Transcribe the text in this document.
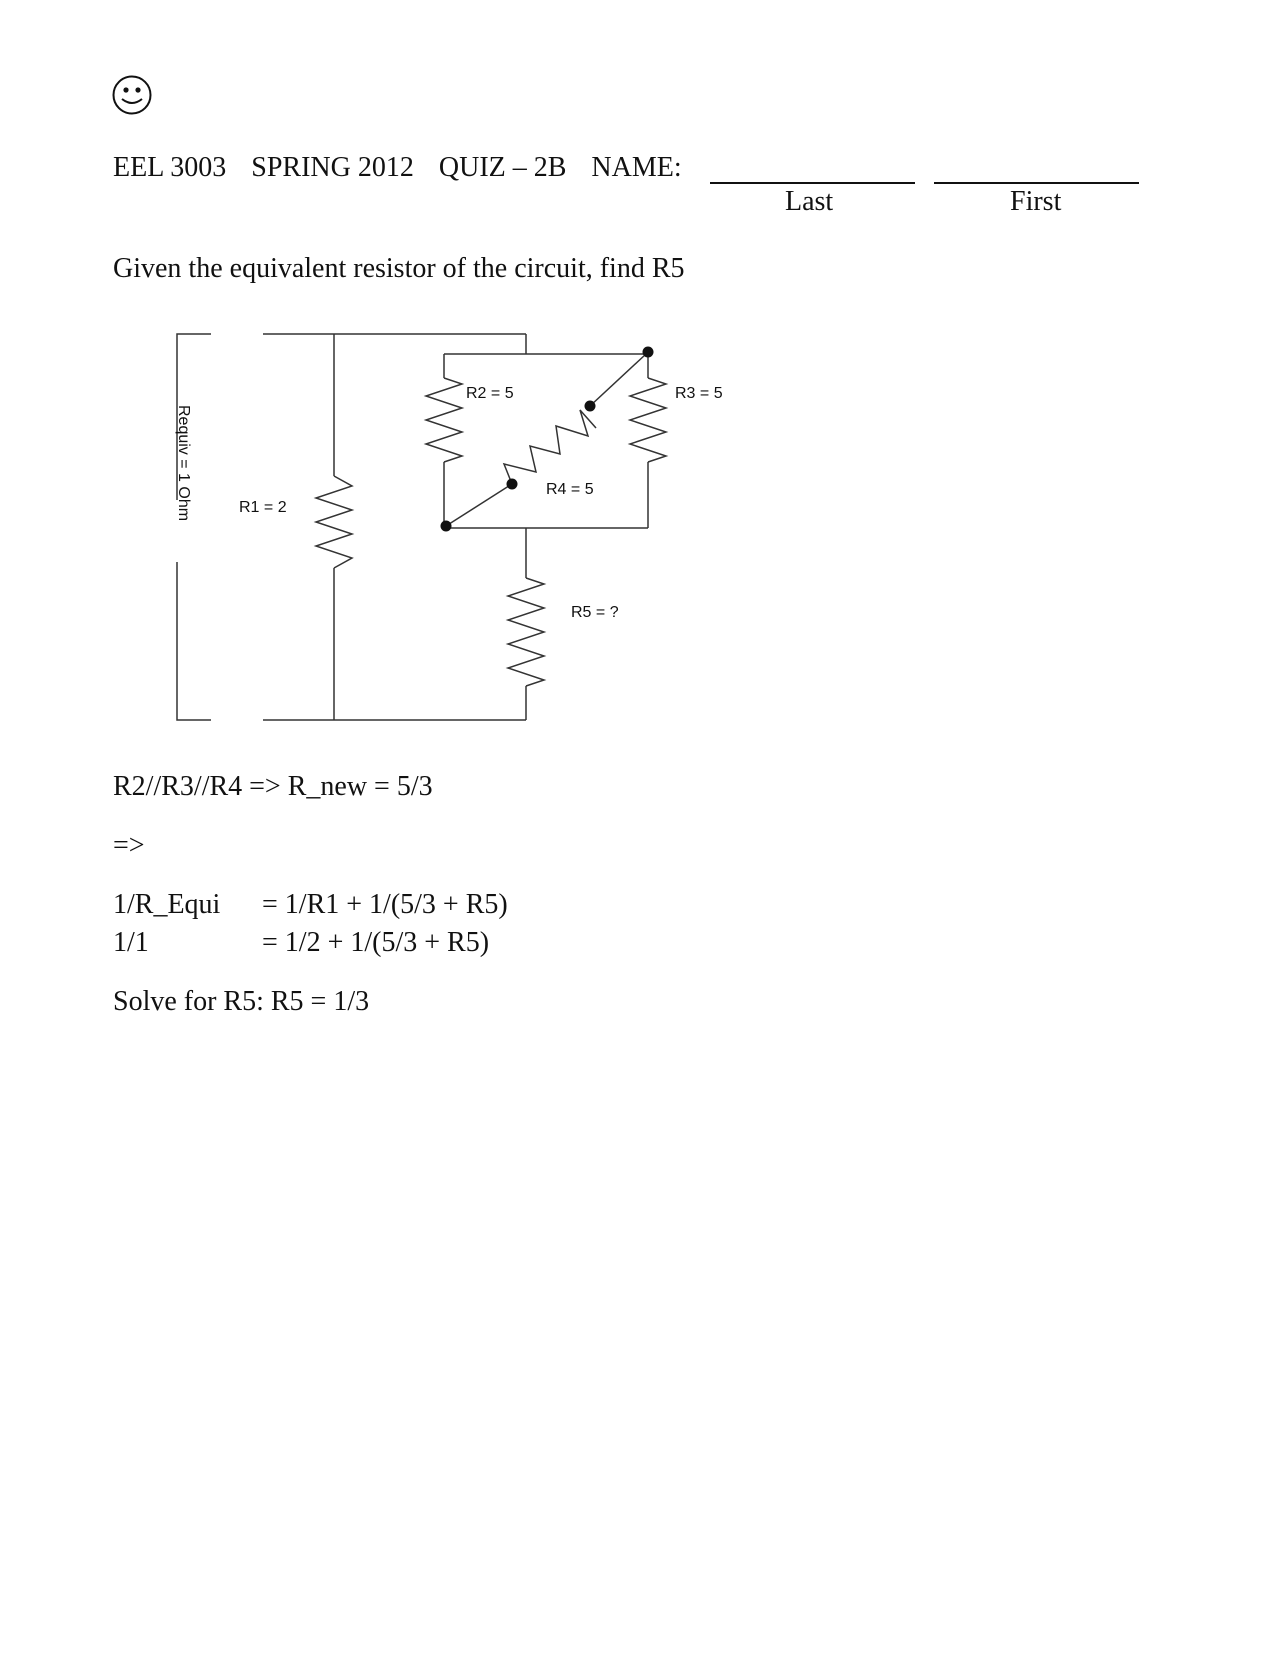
EEL 3003 SPRING 2012 QUIZ – 2B NAME:
Last	First
Given the equivalent resistor of the circuit, find R5
R1 = 2
R2 = 5	R3 = 5
R4 = 5
R5 = ?
Requiv = 1 Ohm
R2//R3//R4 => R_new = 5/3
=>
1/R_Equi = 1/R1 + 1/(5/3 + R5)
1/1	= 1/2 + 1/(5/3 + R5)
Solve for R5: R5 = 1/3
